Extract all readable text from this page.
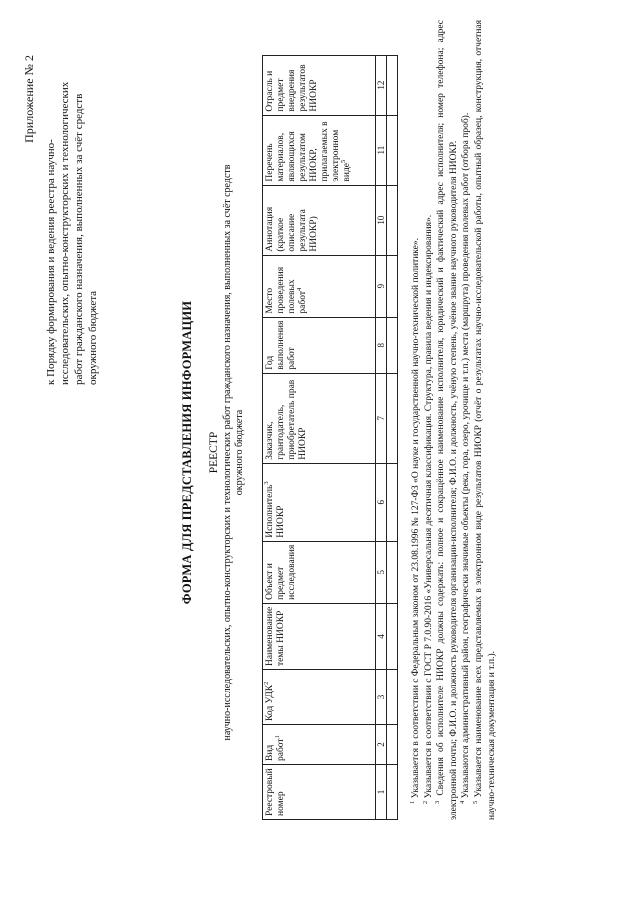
Приложение № 2
к Порядку формирования и ведения реестра научно-исследовательских, опытно-конструкторских и технологических работ гражданского назначения, выполненных за счёт средств окружного бюджета	ФОРМА ДЛЯ ПРЕДСТАВЛЕНИЯ ИНФОРМАЦИИ РЕЕСТР научно-исследовательских, опытно-конструкторских и технологических работ гражданского назначения, выполненных за счёт средств окружного бюджета
Реестровый номер	Вид работ$^1$	Код УДК$^2$	Наименование темы НИОКР	Объект и предмет исследования	Исполнитель$^3$ НИОКР	Заказчик, грантодатель, приобретатель прав НИОКР	Год выполнения работ	Место проведения полевых работ$^4$	Аннотация (краткое описание результата НИОКР)	Перечень материалов, являющихся результатом НИОКР, прилагаемых в электронном виде$^5$	Отрасль и предмет внедрения результатов НИОКР
1	2	3	4	5	6	7	8	9	10	11	12

$^1$ Указывается в соответствии с Федеральным законом от 23.08.1996 № 127-ФЗ «О науке и государственной научно-технической политике».

$^2$ Указывается в соответствии с ГОСТ Р 7.0.90-2016 «Универсальная десятичная классификация. Структура, правила ведения и индексирования».

$^3$ Сведения об исполнителе НИОКР должны содержать: полное и сокращённое наименование исполнителя, юридический и фактический адрес исполнителя; номер телефона; адрес электронной почты; Ф.И.О. и должность руководителя организации-исполнителя; Ф.И.О. и должность, учёную степень, учёное звание научного руководителя НИОКР. $^4$ Указываются административный район, географически значимые объекты (река, гора, озеро, урочище и т.п.) места (маршрута) проведения полевых работ (отбора проб).

$^5$ Указывается наименование всех представляемых в электронном виде результатов НИОКР (отчёт о результатах научно-исследовательской работы, опытный образец, конструкция, отчетная научно-техническая документация и т.п.).
